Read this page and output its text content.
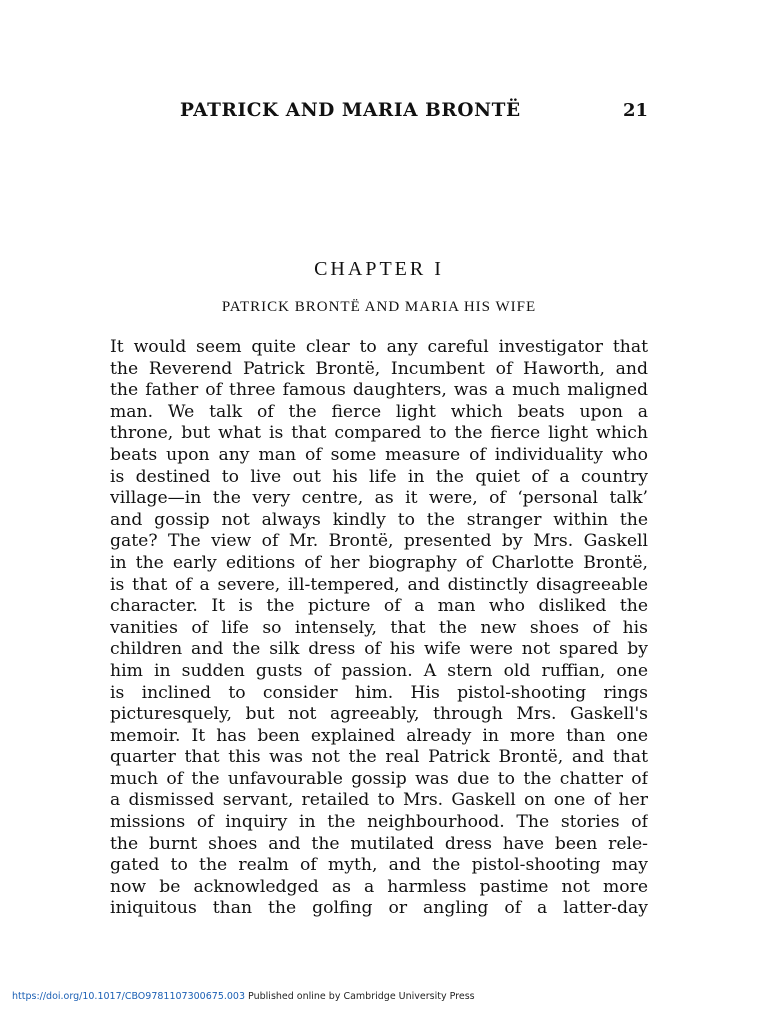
PATRICK AND MARIA BRONTË	21
CHAPTER I
PATRICK BRONTË AND MARIA HIS WIFE
It would seem quite clear to any careful investigator that
the Reverend Patrick Brontë, Incumbent of Haworth, and
the father of three famous daughters, was a much maligned
man. We talk of the fierce light which beats upon a
throne, but what is that compared to the fierce light which
beats upon any man of some measure of individuality who
is destined to live out his life in the quiet of a country
village—in the very centre, as it were, of ‘personal talk’
and gossip not always kindly to the stranger within the
gate? The view of Mr. Brontë, presented by Mrs. Gaskell
in the early editions of her biography of Charlotte Brontë,
is that of a severe, ill-tempered, and distinctly disagreeable
character. It is the picture of a man who disliked the
vanities of life so intensely, that the new shoes of his
children and the silk dress of his wife were not spared by
him in sudden gusts of passion. A stern old ruffian, one
is inclined to consider him. His pistol-shooting rings
picturesquely, but not agreeably, through Mrs. Gaskell's
memoir. It has been explained already in more than one
quarter that this was not the real Patrick Brontë, and that
much of the unfavourable gossip was due to the chatter of
a dismissed servant, retailed to Mrs. Gaskell on one of her
missions of inquiry in the neighbourhood. The stories of
the burnt shoes and the mutilated dress have been rele-
gated to the realm of myth, and the pistol-shooting may
now be acknowledged as a harmless pastime not more
iniquitous than the golfing or angling of a latter-day
https://doi.org/10.1017/CBO9781107300675.003 Published online by Cambridge University Press
